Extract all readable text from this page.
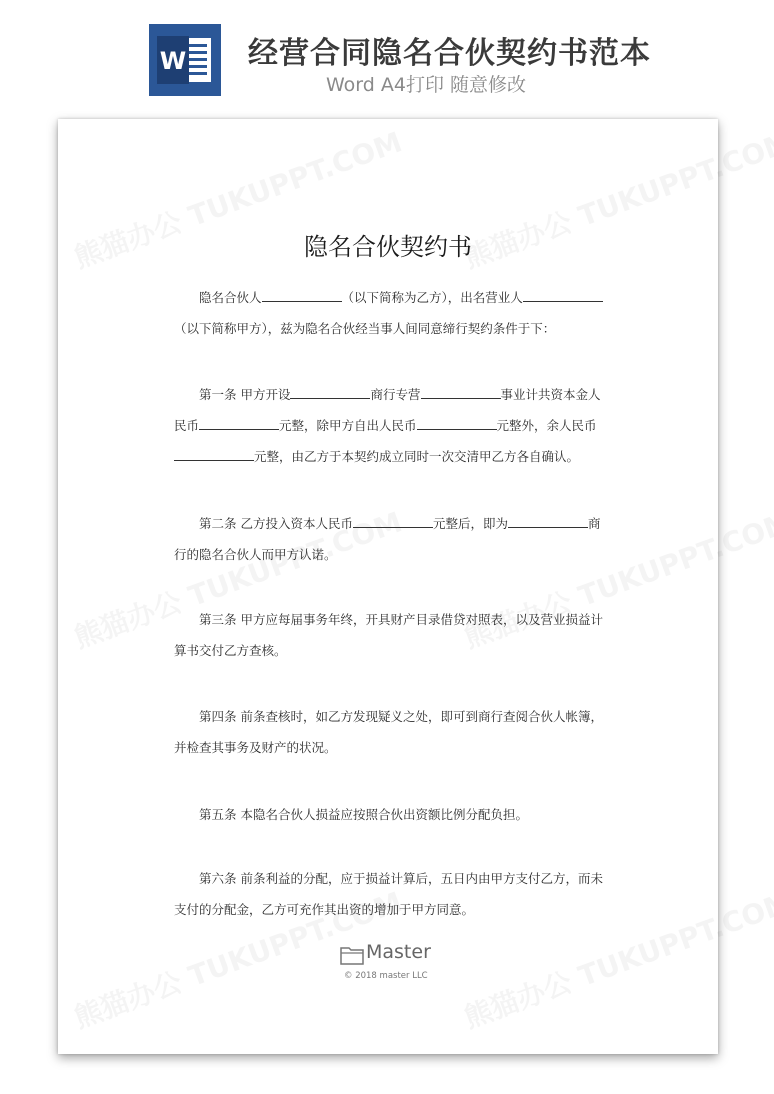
W 经营合同隐名合伙契约书范本
Word A4打印 随意修改
隐名合伙契约书
隐名合伙人	（以下简称为乙方），出名营业人（以下简称甲方），兹为隐名合伙经当事人间同意缔行契约条件于下：
第一条 甲方开设	商行专营	事业计共资本金人民币	元整，除甲方自出人民币	元整外，余人民币元整，由乙方于本契约成立同时一次交清甲乙方各自确认。
第二条 乙方投入资本人民币	元整后，即为	商行的隐名合伙人而甲方认诺。
第三条 甲方应每届事务年终，开具财产目录借贷对照表，以及营业损益计算书交付乙方查核。
第四条 前条查核时，如乙方发现疑义之处，即可到商行查阅合伙人帐簿，并检查其事务及财产的状况。
第五条 本隐名合伙人损益应按照合伙出资额比例分配负担。
第六条 前条利益的分配，应于损益计算后，五日内由甲方支付乙方，而未支付的分配金，乙方可充作其出资的增加于甲方同意。
Master
© 2018 master LLC
